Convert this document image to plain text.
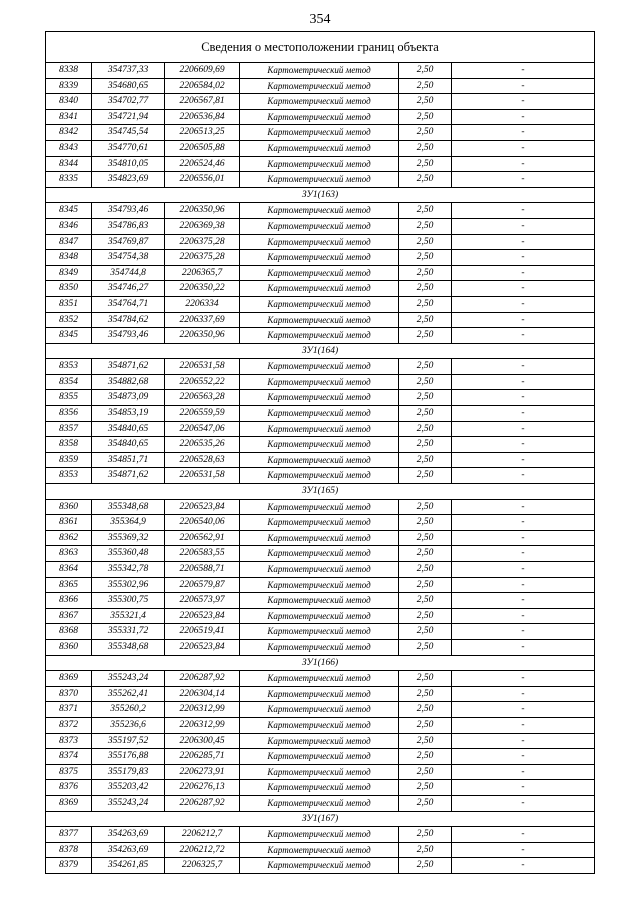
354
Сведения о местоположении границ объекта					
8338	354737,33	2206609,69	Картометрический метод	2,50	-
8339	354680,65	2206584,02	Картометрический метод	2,50	-
8340	354702,77	2206567,81	Картометрический метод	2,50	-
8341	354721,94	2206536,84	Картометрический метод	2,50	-
8342	354745,54	2206513,25	Картометрический метод	2,50	-
8343	354770,61	2206505,88	Картометрический метод	2,50	-
8344	354810,05	2206524,46	Картометрический метод	2,50	-
8335	354823,69	2206556,01	Картометрический метод	2,50	-
ЗУ1(163)					
8345	354793,46	2206350,96	Картометрический метод	2,50	-
8346	354786,83	2206369,38	Картометрический метод	2,50	-
8347	354769,87	2206375,28	Картометрический метод	2,50	-
8348	354754,38	2206375,28	Картометрический метод	2,50	-
8349	354744,8	2206365,7	Картометрический метод	2,50	-
8350	354746,27	2206350,22	Картометрический метод	2,50	-
8351	354764,71	2206334	Картометрический метод	2,50	-
8352	354784,62	2206337,69	Картометрический метод	2,50	-
8345	354793,46	2206350,96	Картометрический метод	2,50	-
ЗУ1(164)					
8353	354871,62	2206531,58	Картометрический метод	2,50	-
8354	354882,68	2206552,22	Картометрический метод	2,50	-
8355	354873,09	2206563,28	Картометрический метод	2,50	-
8356	354853,19	2206559,59	Картометрический метод	2,50	-
8357	354840,65	2206547,06	Картометрический метод	2,50	-
8358	354840,65	2206535,26	Картометрический метод	2,50	-
8359	354851,71	2206528,63	Картометрический метод	2,50	-
8353	354871,62	2206531,58	Картометрический метод	2,50	-
ЗУ1(165)					
8360	355348,68	2206523,84	Картометрический метод	2,50	-
8361	355364,9	2206540,06	Картометрический метод	2,50	-
8362	355369,32	2206562,91	Картометрический метод	2,50	-
8363	355360,48	2206583,55	Картометрический метод	2,50	-
8364	355342,78	2206588,71	Картометрический метод	2,50	-
8365	355302,96	2206579,87	Картометрический метод	2,50	-
8366	355300,75	2206573,97	Картометрический метод	2,50	-
8367	355321,4	2206523,84	Картометрический метод	2,50	-
8368	355331,72	2206519,41	Картометрический метод	2,50	-
8360	355348,68	2206523,84	Картометрический метод	2,50	-
ЗУ1(166)					
8369	355243,24	2206287,92	Картометрический метод	2,50	-
8370	355262,41	2206304,14	Картометрический метод	2,50	-
8371	355260,2	2206312,99	Картометрический метод	2,50	-
8372	355236,6	2206312,99	Картометрический метод	2,50	-
8373	355197,52	2206300,45	Картометрический метод	2,50	-
8374	355176,88	2206285,71	Картометрический метод	2,50	-
8375	355179,83	2206273,91	Картометрический метод	2,50	-
8376	355203,42	2206276,13	Картометрический метод	2,50	-
8369	355243,24	2206287,92	Картометрический метод	2,50	-
ЗУ1(167)					
8377	354263,69	2206212,7	Картометрический метод	2,50	-
8378	354263,69	2206212,72	Картометрический метод	2,50	-
8379	354261,85	2206325,7	Картометрический метод	2,50	-
